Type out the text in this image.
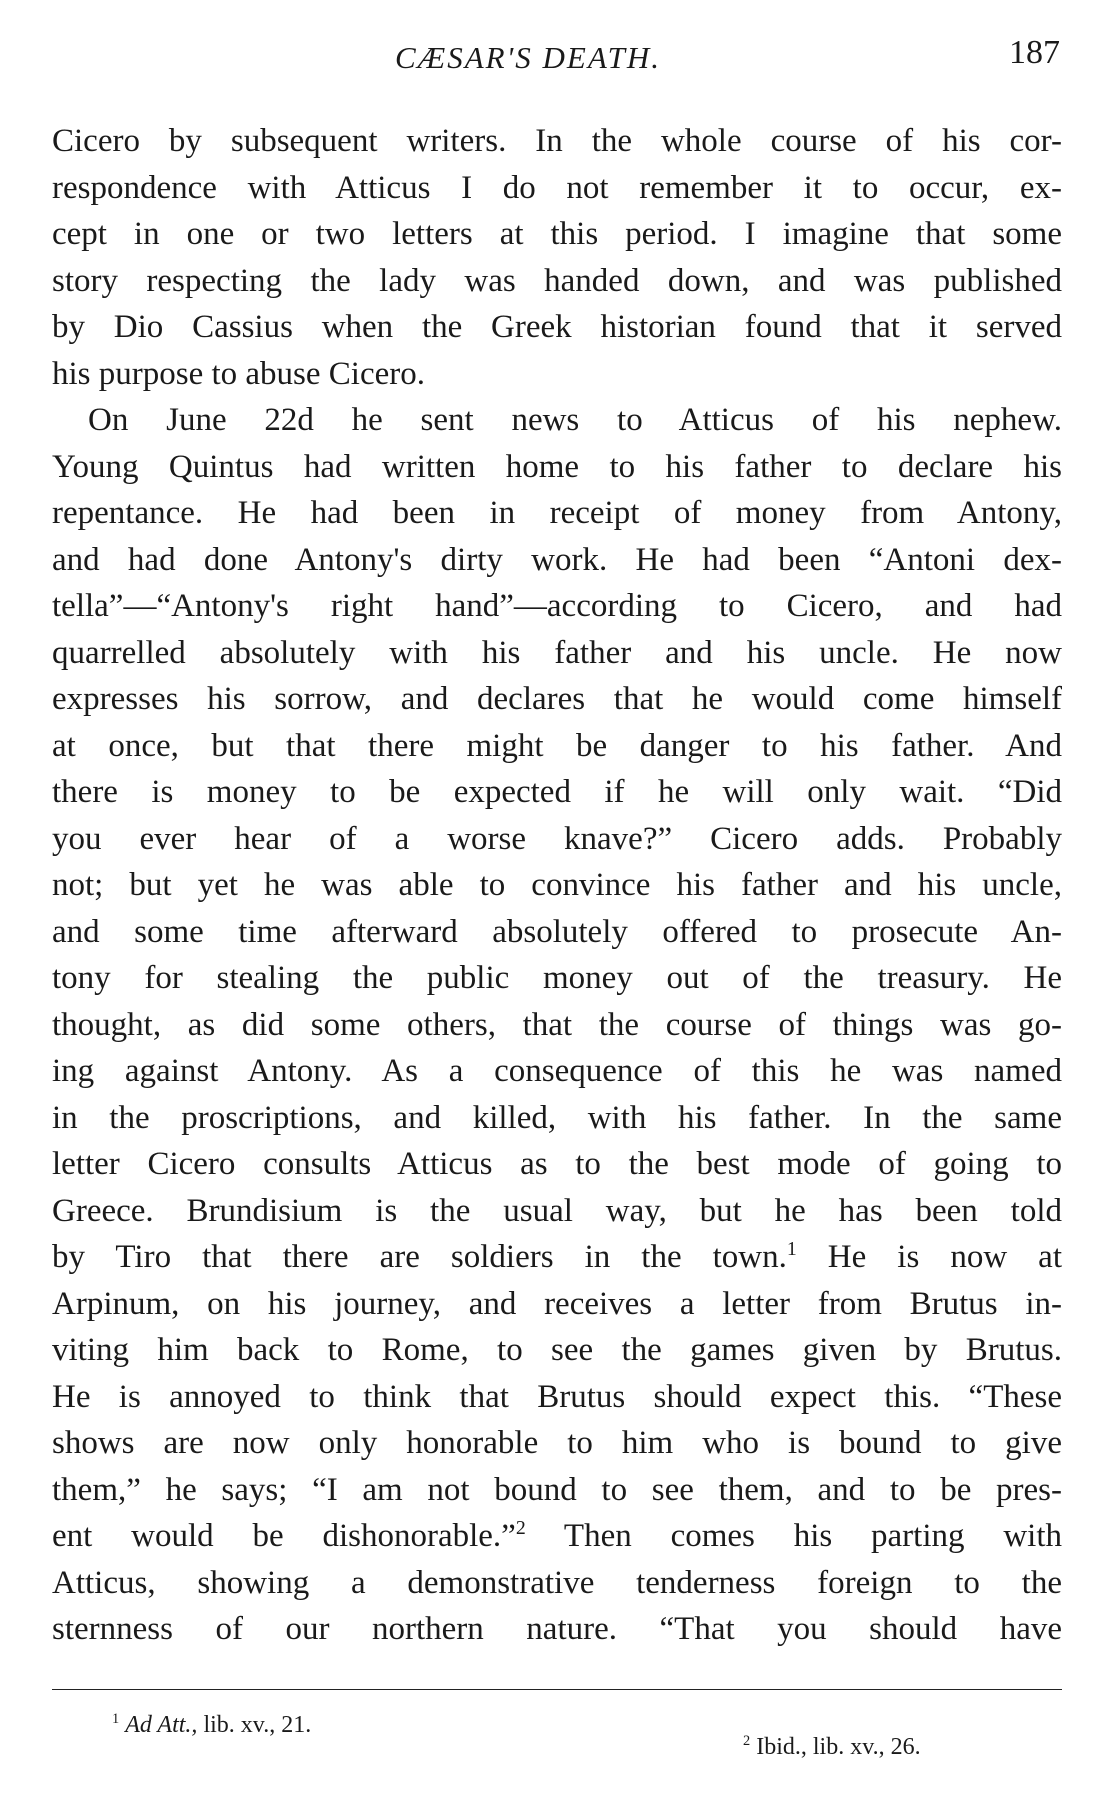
CÆSAR'S DEATH.	187
Cicero by subsequent writers. In the whole course of his cor-
respondence with Atticus I do not remember it to occur, ex-
cept in one or two letters at this period. I imagine that some
story respecting the lady was handed down, and was published
by Dio Cassius when the Greek historian found that it served
his purpose to abuse Cicero.
On June 22d he sent news to Atticus of his nephew.
Young Quintus had written home to his father to declare his
repentance. He had been in receipt of money from Antony,
and had done Antony's dirty work. He had been “Antoni dex-
tella”—“Antony's right hand”—according to Cicero, and had
quarrelled absolutely with his father and his uncle. He now
expresses his sorrow, and declares that he would come himself
at once, but that there might be danger to his father. And
there is money to be expected if he will only wait. “Did
you ever hear of a worse knave?” Cicero adds. Probably
not; but yet he was able to convince his father and his uncle,
and some time afterward absolutely offered to prosecute An-
tony for stealing the public money out of the treasury. He
thought, as did some others, that the course of things was go-
ing against Antony. As a consequence of this he was named
in the proscriptions, and killed, with his father. In the same
letter Cicero consults Atticus as to the best mode of going to
Greece. Brundisium is the usual way, but he has been told
by Tiro that there are soldiers in the town.$^1$ He is now at
Arpinum, on his journey, and receives a letter from Brutus in-
viting him back to Rome, to see the games given by Brutus.
He is annoyed to think that Brutus should expect this. “These
shows are now only honorable to him who is bound to give
them,” he says; “I am not bound to see them, and to be pres-
ent would be dishonorable.”$^2$ Then comes his parting with
Atticus, showing a demonstrative tenderness foreign to the
sternness of our northern nature. “That you should have
$^1$ Ad Att., lib. xv., 21.
$^2$ Ibid., lib. xv., 26.
